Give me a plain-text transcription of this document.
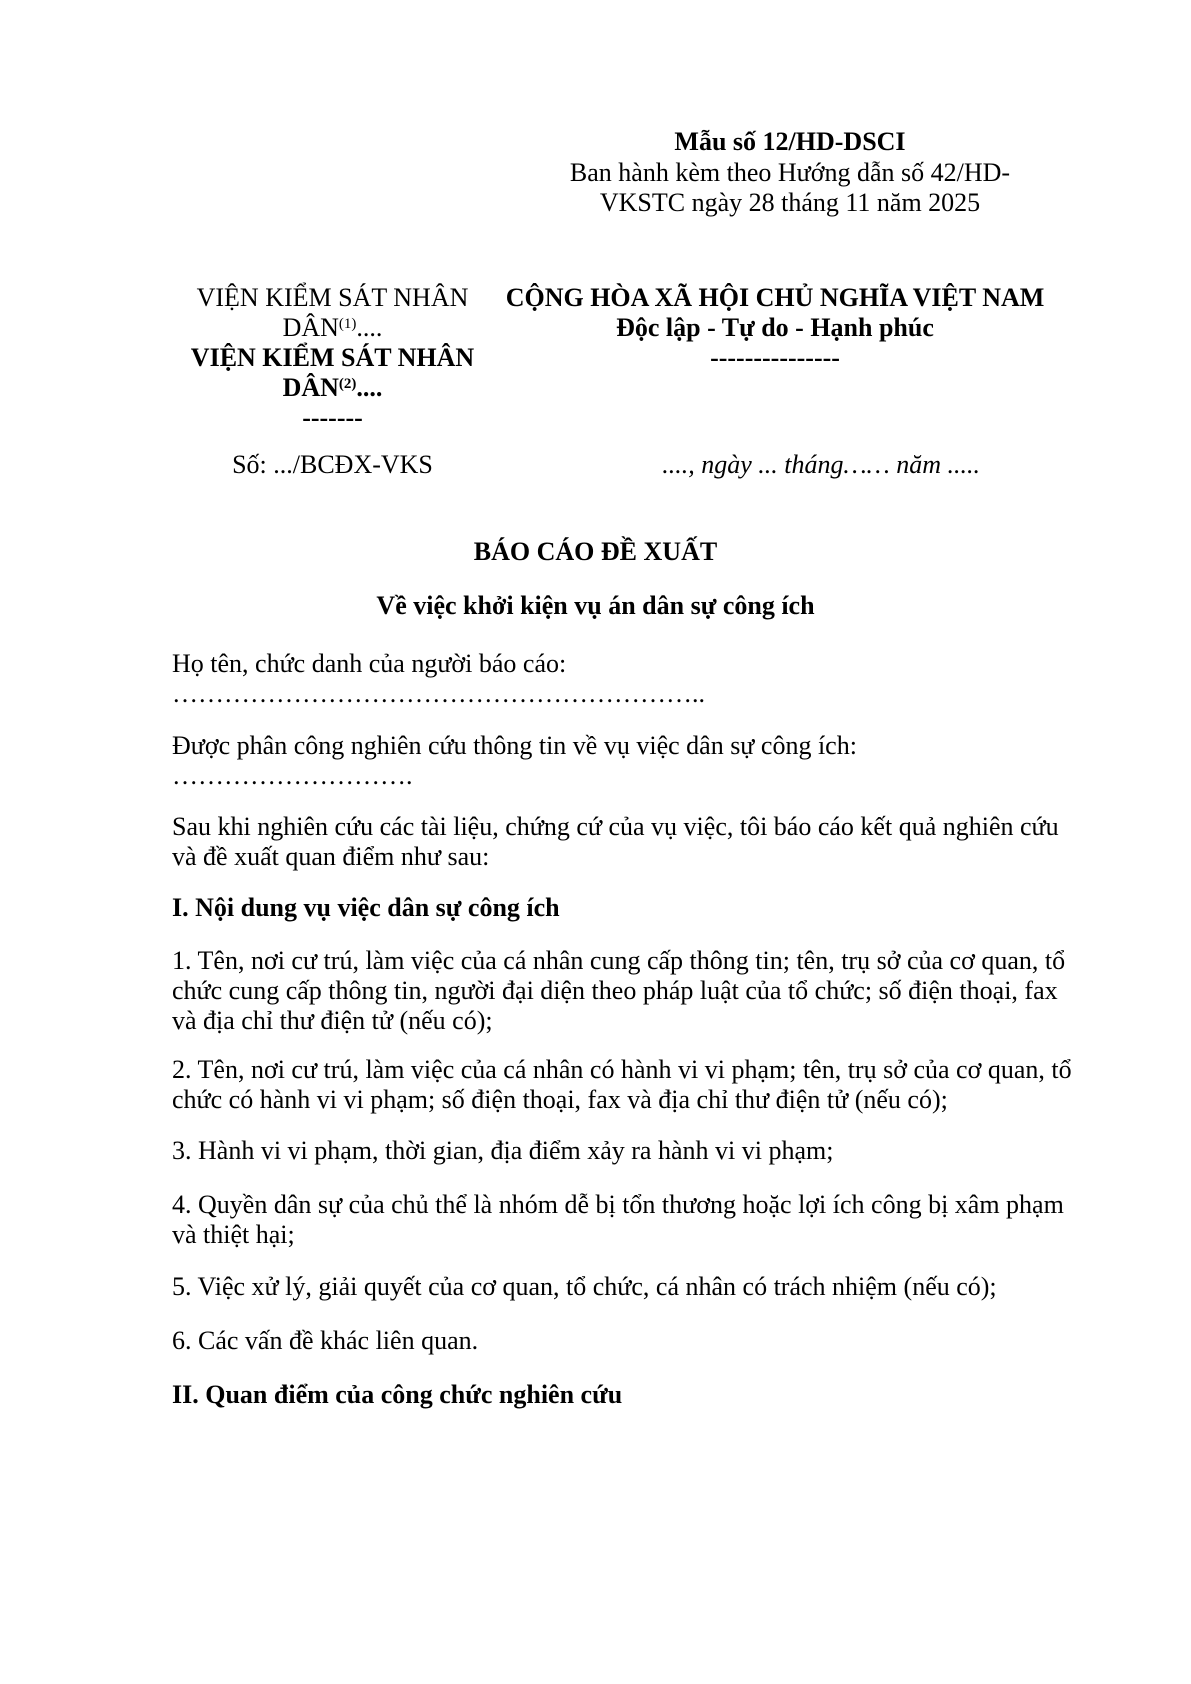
Mẫu số 12/HD-DSCI
Ban hành kèm theo Hướng dẫn số 42/HD-
VKSTC ngày 28 tháng 11 năm 2025
VIỆN KIỂM SÁT NHÂN
DÂN$^{(1)}$....
VIỆN KIỂM SÁT NHÂN
DÂN$^{(2)}$....
-------
CỘNG HÒA XÃ HỘI CHỦ NGHĨA VIỆT NAM
Độc lập - Tự do - Hạnh phúc
---------------
Số: .../BCĐX-VKS	...., ngày ... tháng…… năm .....
BÁO CÁO ĐỀ XUẤT
Về việc khởi kiện vụ án dân sự công ích
Họ tên, chức danh của người báo cáo:
……………………………………………………..
Được phân công nghiên cứu thông tin về vụ việc dân sự công ích:
……………………….
Sau khi nghiên cứu các tài liệu, chứng cứ của vụ việc, tôi báo cáo kết quả nghiên cứu
và đề xuất quan điểm như sau:
I. Nội dung vụ việc dân sự công ích
1. Tên, nơi cư trú, làm việc của cá nhân cung cấp thông tin; tên, trụ sở của cơ quan, tổ
chức cung cấp thông tin, người đại diện theo pháp luật của tổ chức; số điện thoại, fax
và địa chỉ thư điện tử (nếu có);
2. Tên, nơi cư trú, làm việc của cá nhân có hành vi vi phạm; tên, trụ sở của cơ quan, tổ
chức có hành vi vi phạm; số điện thoại, fax và địa chỉ thư điện tử (nếu có);
3. Hành vi vi phạm, thời gian, địa điểm xảy ra hành vi vi phạm;
4. Quyền dân sự của chủ thể là nhóm dễ bị tổn thương hoặc lợi ích công bị xâm phạm
và thiệt hại;
5. Việc xử lý, giải quyết của cơ quan, tổ chức, cá nhân có trách nhiệm (nếu có);
6. Các vấn đề khác liên quan.
II. Quan điểm của công chức nghiên cứu
